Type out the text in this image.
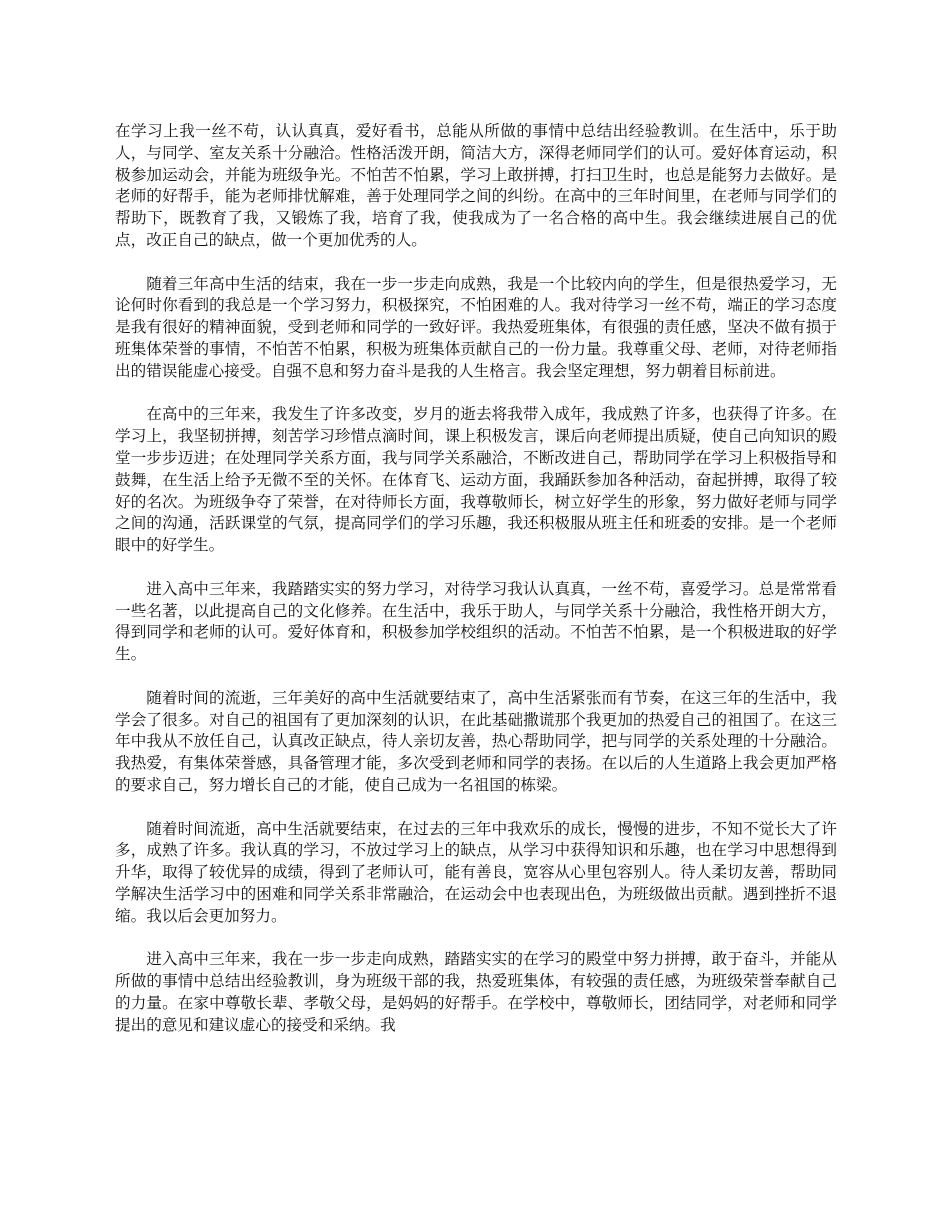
在学习上我一丝不苟，认认真真，爱好看书，总能从所做的事情中总结出经验教训。在生活中，乐于助人，与同学、室友关系十分融洽。性格活泼开朗，简洁大方，深得老师同学们的认可。爱好体育运动，积极参加运动会，并能为班级争光。不怕苦不怕累，学习上敢拼搏，打扫卫生时，也总是能努力去做好。是老师的好帮手，能为老师排忧解难，善于处理同学之间的纠纷。在高中的三年时间里，在老师与同学们的帮助下，既教育了我，又锻炼了我，培育了我，使我成为了一名合格的高中生。我会继续进展自己的优点，改正自己的缺点，做一个更加优秀的人。

随着三年高中生活的结束，我在一步一步走向成熟，我是一个比较内向的学生，但是很热爱学习，无论何时你看到的我总是一个学习努力，积极探究，不怕困难的人。我对待学习一丝不苟，端正的学习态度是我有很好的精神面貌，受到老师和同学的一致好评。我热爱班集体，有很强的责任感，坚决不做有损于班集体荣誉的事情，不怕苦不怕累，积极为班集体贡献自己的一份力量。我尊重父母、老师，对待老师指出的错误能虚心接受。自强不息和努力奋斗是我的人生格言。我会坚定理想，努力朝着目标前进。

在高中的三年来，我发生了许多改变，岁月的逝去将我带入成年，我成熟了许多，也获得了许多。在学习上，我坚韧拼搏，刻苦学习珍惜点滴时间，课上积极发言，课后向老师提出质疑，使自己向知识的殿堂一步步迈进；在处理同学关系方面，我与同学关系融洽，不断改进自己，帮助同学在学习上积极指导和鼓舞，在生活上给予无微不至的关怀。在体育飞、运动方面，我踊跃参加各种活动，奋起拼搏，取得了较好的名次。为班级争夺了荣誉，在对待师长方面，我尊敬师长，树立好学生的形象，努力做好老师与同学之间的沟通，活跃课堂的气氛，提高同学们的学习乐趣，我还积极服从班主任和班委的安排。是一个老师眼中的好学生。

进入高中三年来，我踏踏实实的努力学习，对待学习我认认真真，一丝不苟，喜爱学习。总是常常看一些名著，以此提高自己的文化修养。在生活中，我乐于助人，与同学关系十分融洽，我性格开朗大方，得到同学和老师的认可。爱好体育和，积极参加学校组织的活动。不怕苦不怕累，是一个积极进取的好学生。

随着时间的流逝，三年美好的高中生活就要结束了，高中生活紧张而有节奏，在这三年的生活中，我学会了很多。对自己的祖国有了更加深刻的认识，在此基础撒谎那个我更加的热爱自己的祖国了。在这三年中我从不放任自己，认真改正缺点，待人亲切友善，热心帮助同学，把与同学的关系处理的十分融洽。我热爱，有集体荣誉感，具备管理才能，多次受到老师和同学的表扬。在以后的人生道路上我会更加严格的要求自己，努力增长自己的才能，使自己成为一名祖国的栋梁。

随着时间流逝，高中生活就要结束，在过去的三年中我欢乐的成长，慢慢的进步，不知不觉长大了许多，成熟了许多。我认真的学习，不放过学习上的缺点，从学习中获得知识和乐趣，也在学习中思想得到升华，取得了较优异的成绩，得到了老师认可，能有善良，宽容从心里包容别人。待人柔切友善，帮助同学解决生活学习中的困难和同学关系非常融洽，在运动会中也表现出色，为班级做出贡献。遇到挫折不退缩。我以后会更加努力。

进入高中三年来，我在一步一步走向成熟，踏踏实实的在学习的殿堂中努力拼搏，敢于奋斗，并能从所做的事情中总结出经验教训，身为班级干部的我，热爱班集体，有较强的责任感，为班级荣誉奉献自己的力量。在家中尊敬长辈、孝敬父母，是妈妈的好帮手。在学校中，尊敬师长，团结同学，对老师和同学提出的意见和建议虚心的接受和采纳。我
